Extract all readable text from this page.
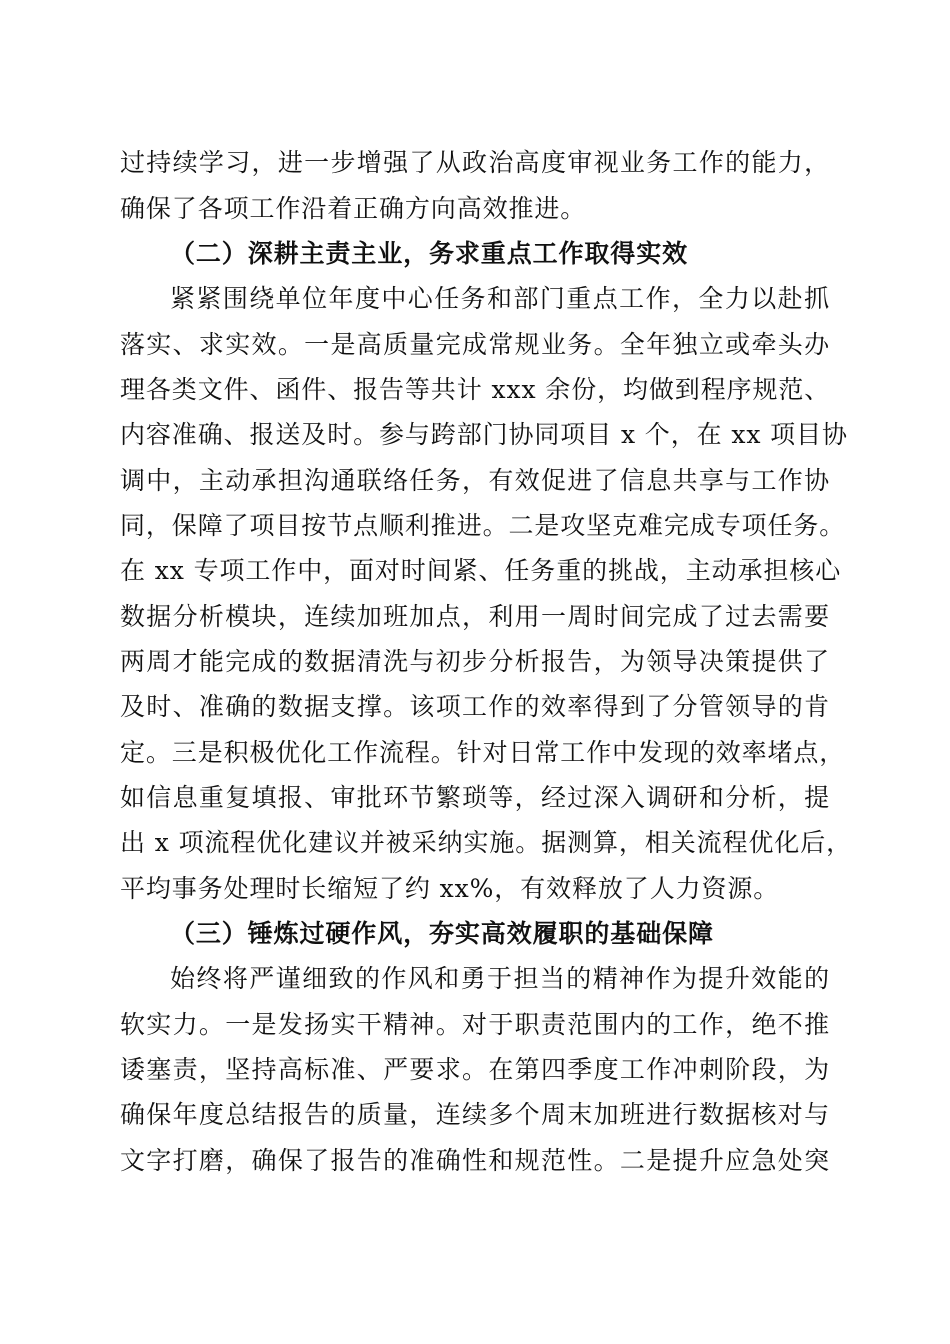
过持续学习，进一步增强了从政治高度审视业务工作的能力，
确保了各项工作沿着正确方向高效推进。
（二）深耕主责主业，务求重点工作取得实效
紧紧围绕单位年度中心任务和部门重点工作，全力以赴抓
落实、求实效。一是高质量完成常规业务。全年独立或牵头办
理各类文件、函件、报告等共计 xxx 余份，均做到程序规范、
内容准确、报送及时。参与跨部门协同项目 x 个，在 xx 项目协
调中，主动承担沟通联络任务，有效促进了信息共享与工作协
同，保障了项目按节点顺利推进。二是攻坚克难完成专项任务。
在 xx 专项工作中，面对时间紧、任务重的挑战，主动承担核心
数据分析模块，连续加班加点，利用一周时间完成了过去需要
两周才能完成的数据清洗与初步分析报告，为领导决策提供了
及时、准确的数据支撑。该项工作的效率得到了分管领导的肯
定。三是积极优化工作流程。针对日常工作中发现的效率堵点，
如信息重复填报、审批环节繁琐等，经过深入调研和分析，提
出 x 项流程优化建议并被采纳实施。据测算，相关流程优化后，
平均事务处理时长缩短了约 xx%，有效释放了人力资源。
（三）锤炼过硬作风，夯实高效履职的基础保障
始终将严谨细致的作风和勇于担当的精神作为提升效能的
软实力。一是发扬实干精神。对于职责范围内的工作，绝不推
诿塞责，坚持高标准、严要求。在第四季度工作冲刺阶段，为
确保年度总结报告的质量，连续多个周末加班进行数据核对与
文字打磨，确保了报告的准确性和规范性。二是提升应急处突
